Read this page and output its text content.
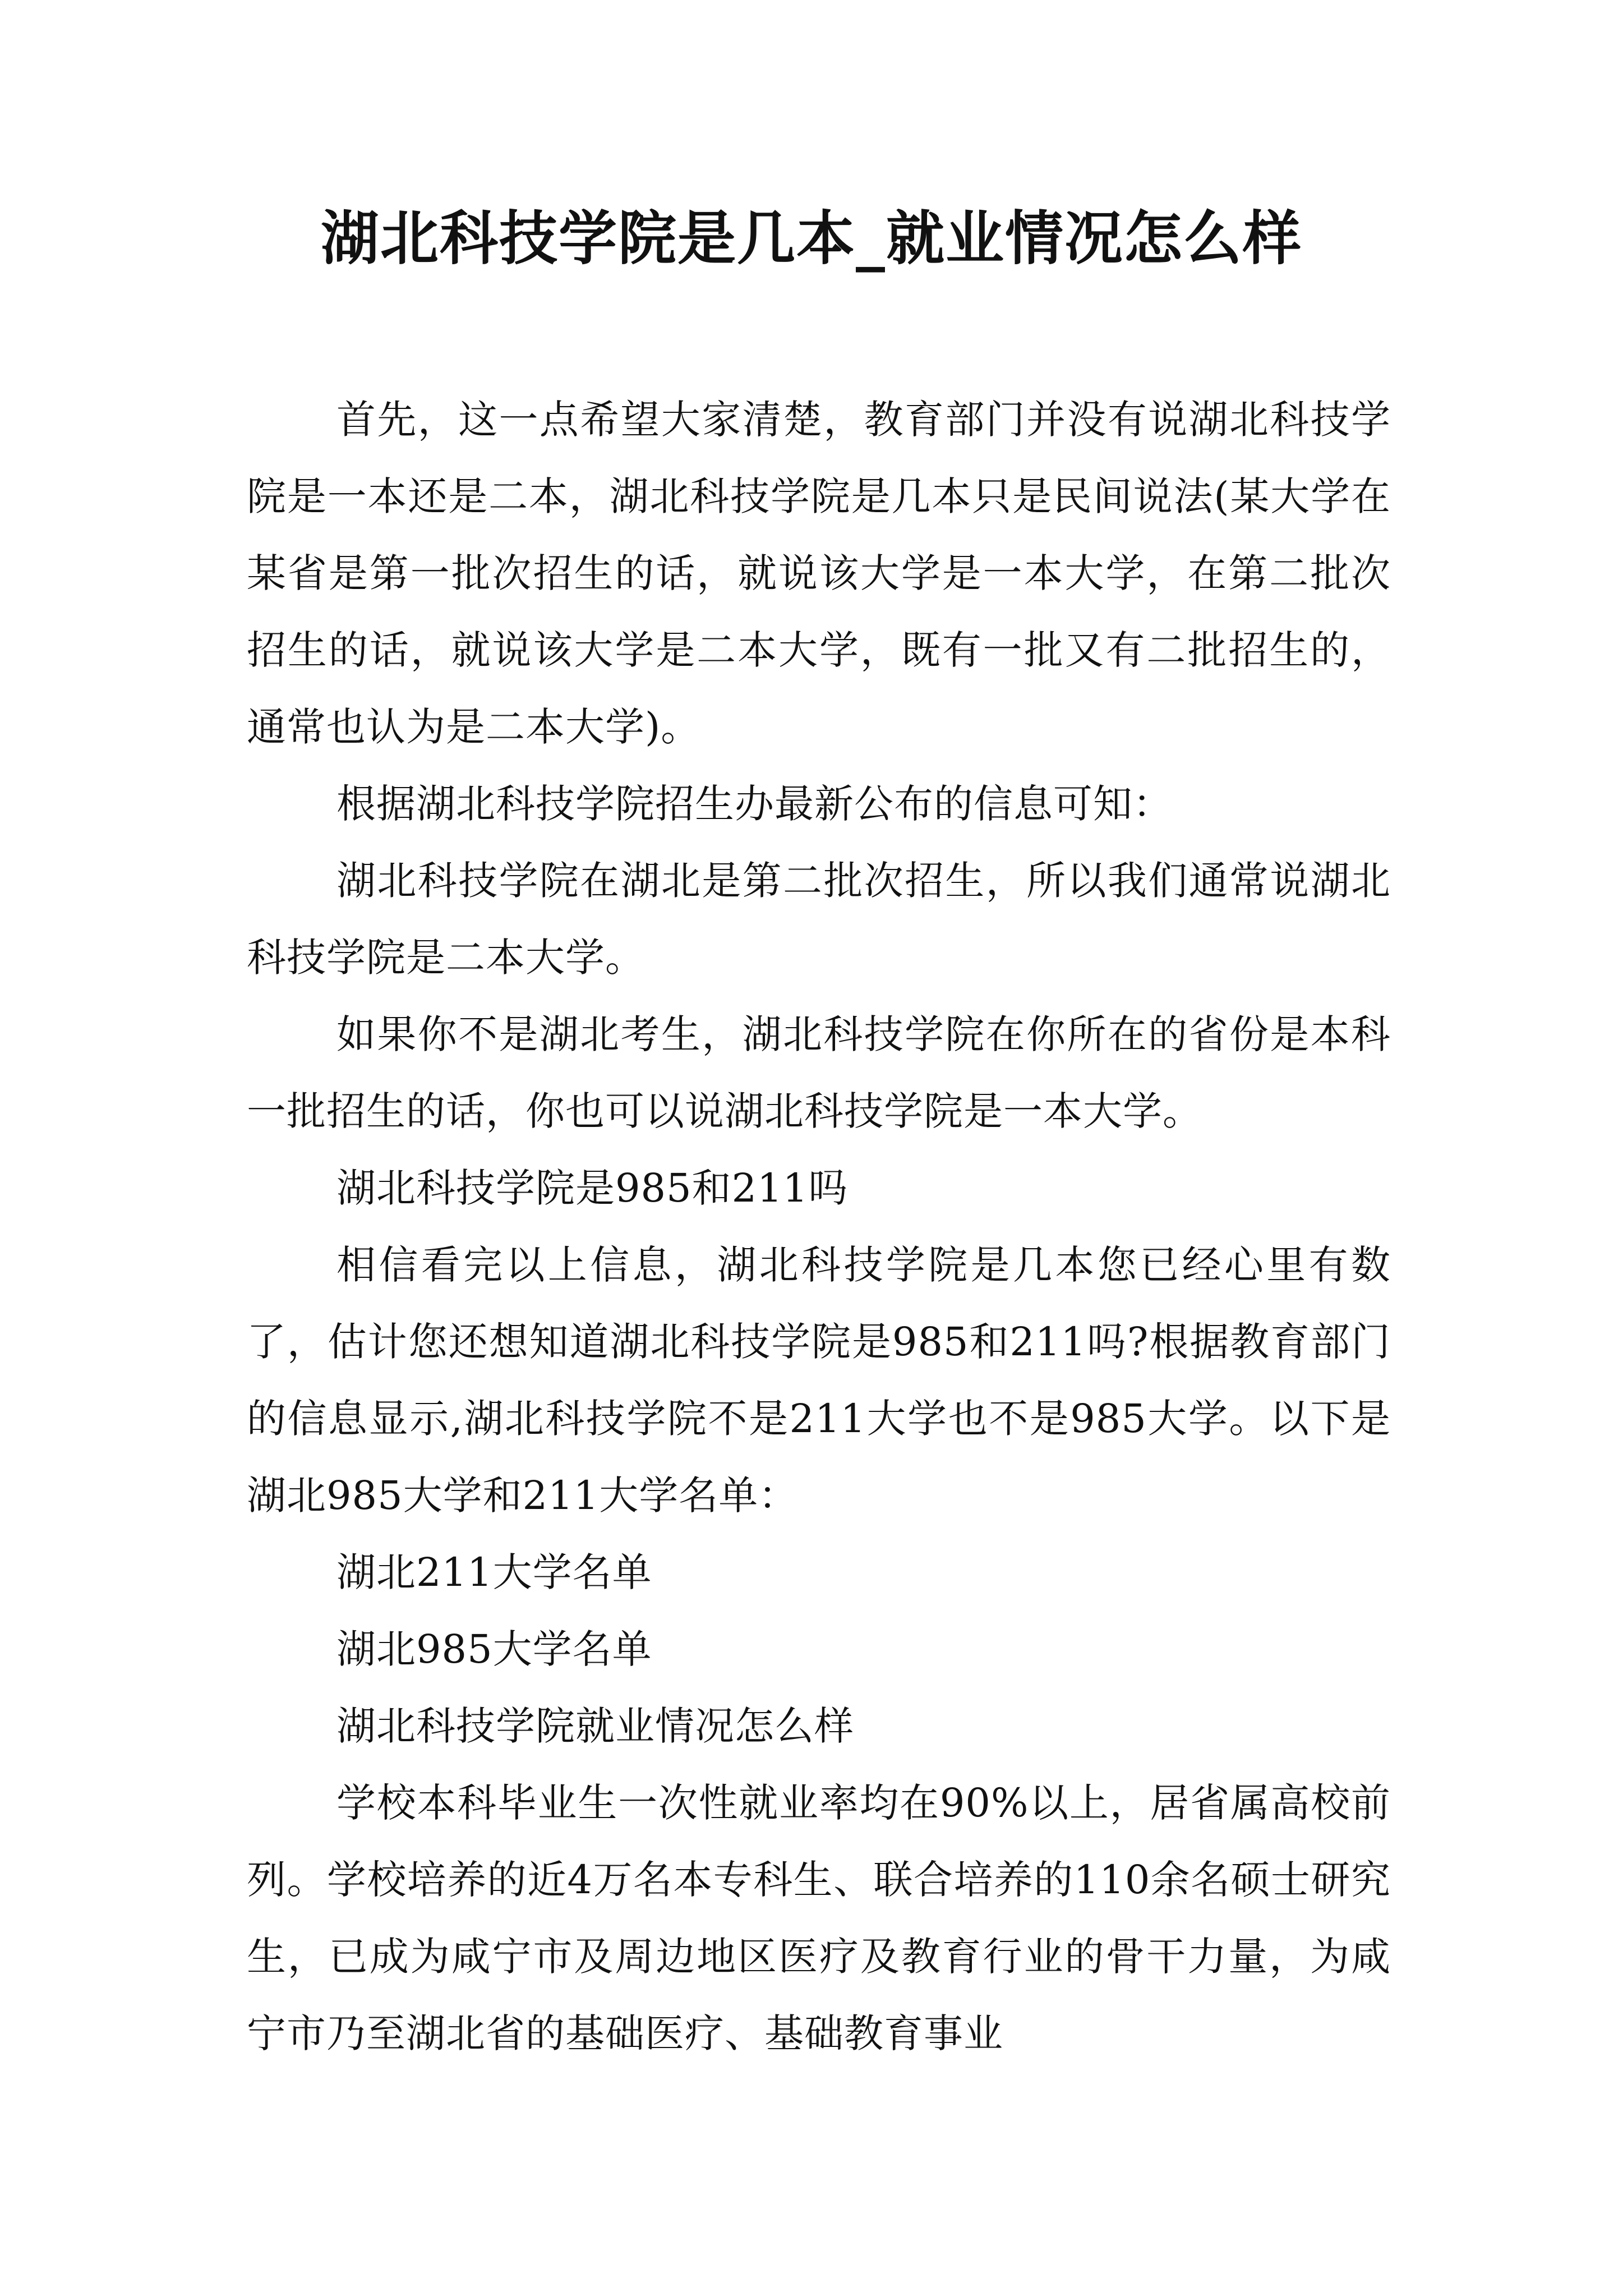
湖北科技学院是几本_就业情况怎么样

首先，这一点希望大家清楚，教育部门并没有说湖北科技学院是一本还是二本，湖北科技学院是几本只是民间说法(某大学在某省是第一批次招生的话，就说该大学是一本大学，在第二批次招生的话，就说该大学是二本大学，既有一批又有二批招生的，通常也认为是二本大学)。

根据湖北科技学院招生办最新公布的信息可知：

湖北科技学院在湖北是第二批次招生，所以我们通常说湖北科技学院是二本大学。

如果你不是湖北考生，湖北科技学院在你所在的省份是本科一批招生的话，你也可以说湖北科技学院是一本大学。

湖北科技学院是985和211吗

相信看完以上信息，湖北科技学院是几本您已经心里有数了，估计您还想知道湖北科技学院是985和211吗?根据教育部门的信息显示,湖北科技学院不是211大学也不是985大学。以下是湖北985大学和211大学名单：

湖北211大学名单

湖北985大学名单

湖北科技学院就业情况怎么样

学校本科毕业生一次性就业率均在90%以上，居省属高校前列。学校培养的近4万名本专科生、联合培养的110余名硕士研究生，已成为咸宁市及周边地区医疗及教育行业的骨干力量，为咸宁市乃至湖北省的基础医疗、基础教育事业
